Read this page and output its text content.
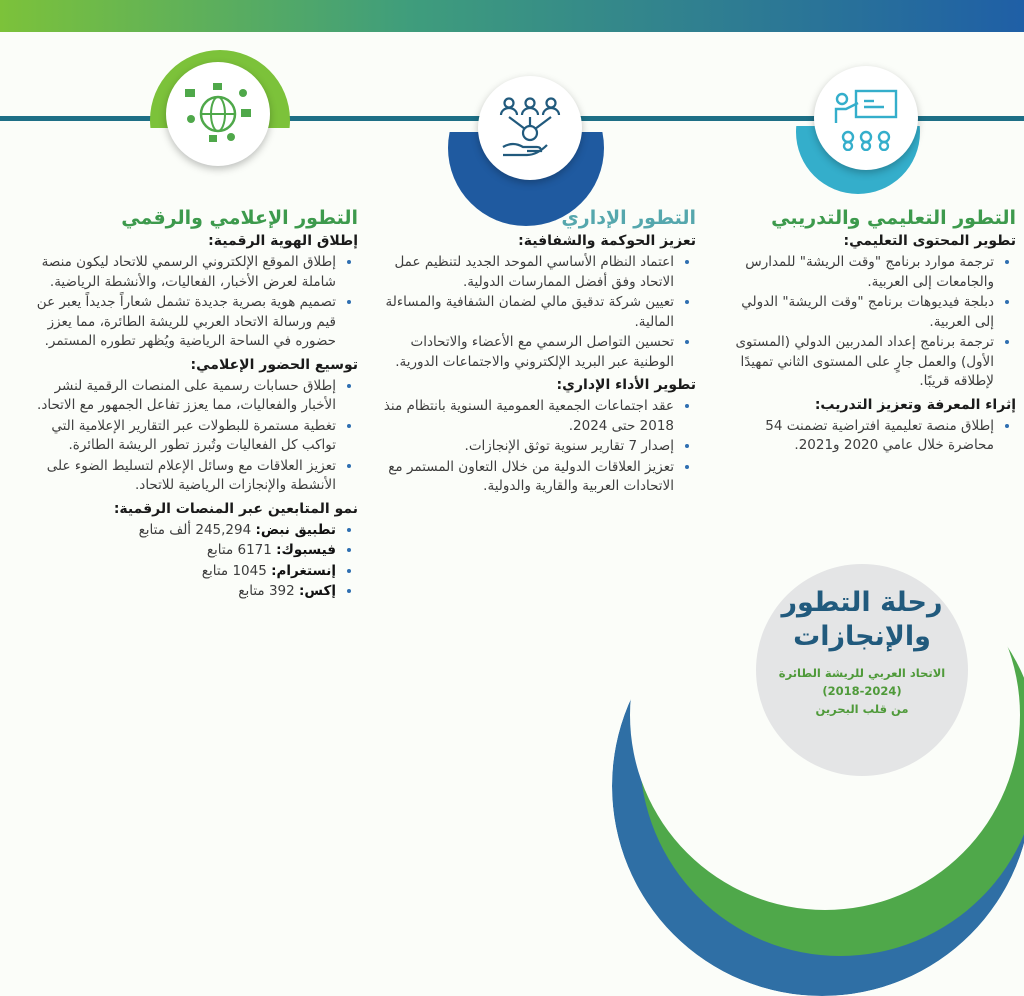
التطور التعليمي والتدريبي
تطوير المحتوى التعليمي:
• ترجمة موارد برنامج "وقت الريشة" للمدارس والجامعات إلى العربية.
• دبلجة فيديوهات برنامج "وقت الريشة" الدولي إلى العربية.
• ترجمة برنامج إعداد المدربين الدولي (المستوى الأول) والعمل جارٍ على المستوى الثاني تمهيدًا لإطلاقه قريبًا.
إثراء المعرفة وتعزيز التدريب:
• إطلاق منصة تعليمية افتراضية تضمنت 54 محاضرة خلال عامي 2020 و2021.
التطور الإداري
تعزيز الحوكمة والشفافية:
• اعتماد النظام الأساسي الموحد الجديد لتنظيم عمل الاتحاد وفق أفضل الممارسات الدولية.
• تعيين شركة تدقيق مالي لضمان الشفافية والمساءلة المالية.
• تحسين التواصل الرسمي مع الأعضاء والاتحادات الوطنية عبر البريد الإلكتروني والاجتماعات الدورية.
تطوير الأداء الإداري:
• عقد اجتماعات الجمعية العمومية السنوية بانتظام منذ 2018 حتى 2024.
• إصدار 7 تقارير سنوية توثق الإنجازات.
• تعزيز العلاقات الدولية من خلال التعاون المستمر مع الاتحادات العربية والقارية والدولية.
التطور الإعلامي والرقمي
إطلاق الهوية الرقمية:
• إطلاق الموقع الإلكتروني الرسمي للاتحاد ليكون منصة شاملة لعرض الأخبار، الفعاليات، والأنشطة الرياضية.
• تصميم هوية بصرية جديدة تشمل شعاراً جديداً يعبر عن قيم ورسالة الاتحاد العربي للريشة الطائرة، مما يعزز حضوره في الساحة الرياضية ويُظهر تطوره المستمر.
توسيع الحضور الإعلامي:
• إطلاق حسابات رسمية على المنصات الرقمية لنشر الأخبار والفعاليات، مما يعزز تفاعل الجمهور مع الاتحاد.
• تغطية مستمرة للبطولات عبر التقارير الإعلامية التي تواكب كل الفعاليات وتُبرز تطور الريشة الطائرة.
• تعزيز العلاقات مع وسائل الإعلام لتسليط الضوء على الأنشطة والإنجازات الرياضية للاتحاد.
نمو المتابعين عبر المنصات الرقمية:
• تطبيق نبض: 245,294 ألف متابع
• فيسبوك: 6171 متابع
• إنستغرام: 1045 متابع
• إكس: 392 متابع	رحلة التطور
والإنجازات
الاتحاد العربي للريشة الطائرة
(2018-2024)
من قلب البحرين
